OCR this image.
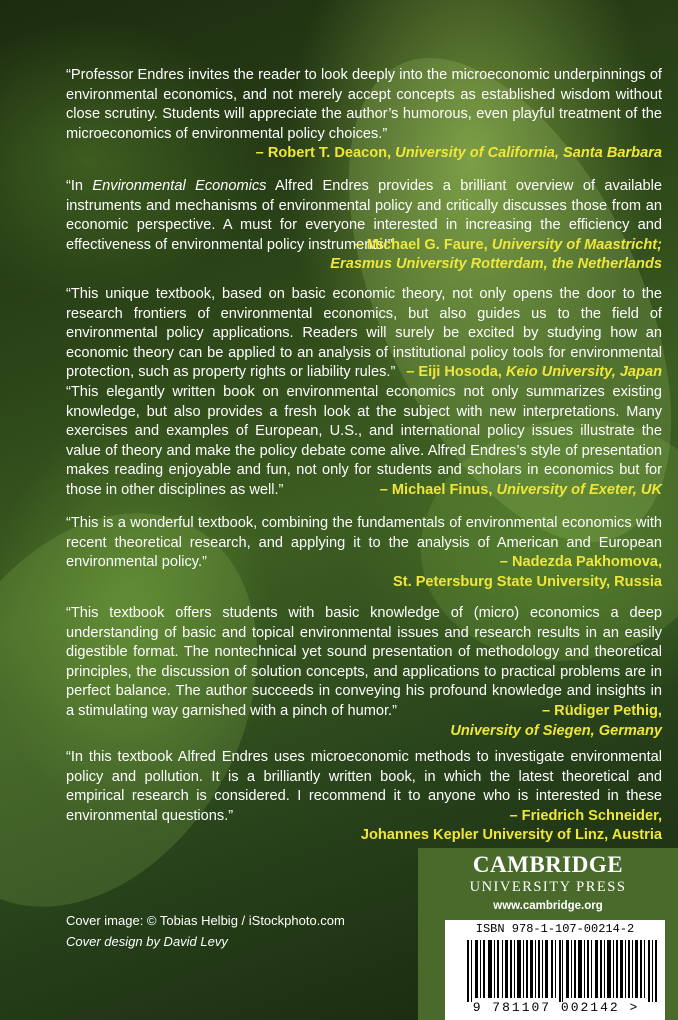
“Professor Endres invites the reader to look deeply into the microeconomic underpinnings of environmental economics, and not merely accept concepts as established wisdom without close scrutiny. Students will appreciate the author’s humorous, even playful treatment of the microeconomics of environmental policy choices.”

– Robert T. Deacon, University of California, Santa Barbara

“In Environmental Economics Alfred Endres provides a brilliant overview of available instruments and mechanisms of environmental policy and critically discusses those from an economic perspective. A must for everyone interested in increasing the efficiency and effectiveness of environmental policy instruments!”

– Michael G. Faure, University of Maastricht;
Erasmus University Rotterdam, the Netherlands

“This unique textbook, based on basic economic theory, not only opens the door to the research frontiers of environmental economics, but also guides us to the field of environmental policy applications. Readers will surely be excited by studying how an economic theory can be applied to an analysis of institutional policy tools for environmental protection, such as property rights or liability rules.” – Eiji Hosoda, Keio University, Japan

“This elegantly written book on environmental economics not only summarizes existing knowledge, but also provides a fresh look at the subject with new interpretations. Many exercises and examples of European, U.S., and international policy issues illustrate the value of theory and make the policy debate come alive. Alfred Endres’s style of presentation makes reading enjoyable and fun, not only for students and scholars in economics but for those in other disciplines as well.”	– Michael Finus, University of Exeter, UK

“This is a wonderful textbook, combining the fundamentals of environmental economics with recent theoretical research, and applying it to the analysis of American and European environmental policy.”	– Nadezda Pakhomova,
St. Petersburg State University, Russia

“This textbook offers students with basic knowledge of (micro) economics a deep understanding of basic and topical environmental issues and research results in an easily digestible format. The nontechnical yet sound presentation of methodology and theoretical principles, the discussion of solution concepts, and applications to practical problems are in perfect balance. The author succeeds in conveying his profound knowledge and insights in a stimulating way garnished with a pinch of humor.”	– Rüdiger Pethig,
University of Siegen, Germany

“In this textbook Alfred Endres uses microeconomic methods to investigate environmental policy and pollution. It is a brilliantly written book, in which the latest theoretical and empirical research is considered. I recommend it to anyone who is interested in these environmental questions.”	– Friedrich Schneider,
Johannes Kepler University of Linz, Austria
Cover image: © Tobias Helbig / iStockphoto.com
Cover design by David Levy
CAMBRIDGE
UNIVERSITY PRESS
www.cambridge.org
ISBN 978-1-107-00214-2
9 781107 002142 >
